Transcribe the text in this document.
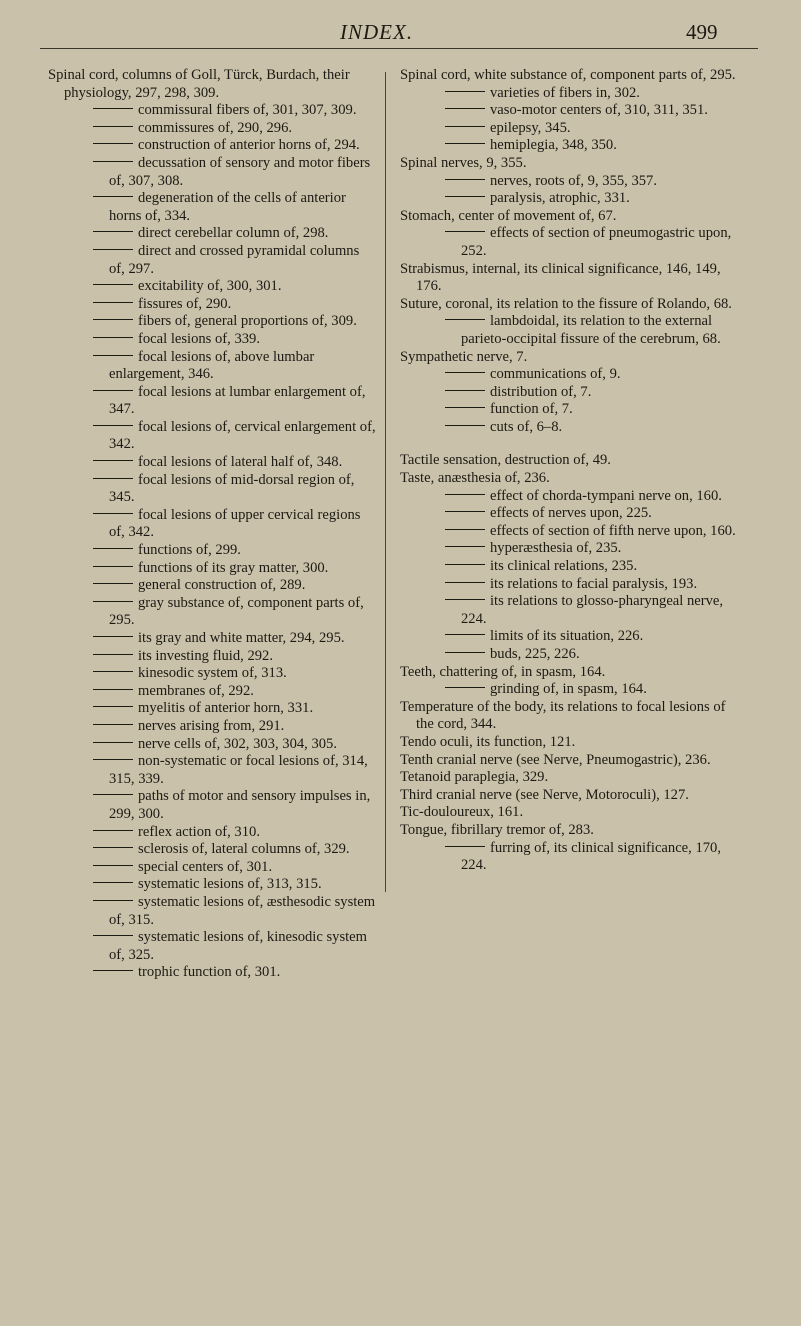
INDEX.	499

Spinal cord, columns of Goll, Türck, Burdach, their physiology, 297, 298, 309.

commissural fibers of, 301, 307, 309.

commissures of, 290, 296.

construction of anterior horns of, 294.

decussation of sensory and motor fibers of, 307, 308.

degeneration of the cells of anterior horns of, 334.

direct cerebellar column of, 298.

direct and crossed pyramidal columns of, 297.

excitability of, 300, 301.

fissures of, 290.

fibers of, general proportions of, 309.

focal lesions of, 339.

focal lesions of, above lumbar enlargement, 346.

focal lesions at lumbar enlargement of, 347.

focal lesions of, cervical enlargement of, 342.

focal lesions of lateral half of, 348.

focal lesions of mid-dorsal region of, 345.

focal lesions of upper cervical regions of, 342.

functions of, 299.

functions of its gray matter, 300.

general construction of, 289.

gray substance of, component parts of, 295.

its gray and white matter, 294, 295.

its investing fluid, 292.

kinesodic system of, 313.

membranes of, 292.

myelitis of anterior horn, 331.

nerves arising from, 291.

nerve cells of, 302, 303, 304, 305.

non-systematic or focal lesions of, 314, 315, 339.

paths of motor and sensory impulses in, 299, 300.

reflex action of, 310.

sclerosis of, lateral columns of, 329.

special centers of, 301.

systematic lesions of, 313, 315.

systematic lesions of, æsthesodic system of, 315.

systematic lesions of, kinesodic system of, 325.

trophic function of, 301.

Spinal cord, white substance of, component parts of, 295.

varieties of fibers in, 302.

vaso-motor centers of, 310, 311, 351.

epilepsy, 345.

hemiplegia, 348, 350.

Spinal nerves, 9, 355.

nerves, roots of, 9, 355, 357.

paralysis, atrophic, 331.

Stomach, center of movement of, 67.

effects of section of pneumogastric upon, 252.

Strabismus, internal, its clinical significance, 146, 149, 176.

Suture, coronal, its relation to the fissure of Rolando, 68.

lambdoidal, its relation to the external parieto-occipital fissure of the cerebrum, 68.

Sympathetic nerve, 7.

communications of, 9.

distribution of, 7.

function of, 7.

cuts of, 6–8.

Tactile sensation, destruction of, 49.

Taste, anæsthesia of, 236.

effect of chorda-tympani nerve on, 160.

effects of nerves upon, 225.

effects of section of fifth nerve upon, 160.

hyperæsthesia of, 235.

its clinical relations, 235.

its relations to facial paralysis, 193.

its relations to glosso-pharyngeal nerve, 224.

limits of its situation, 226.

buds, 225, 226.

Teeth, chattering of, in spasm, 164.

grinding of, in spasm, 164.

Temperature of the body, its relations to focal lesions of the cord, 344.

Tendo oculi, its function, 121.

Tenth cranial nerve (see Nerve, Pneumogastric), 236.

Tetanoid paraplegia, 329.

Third cranial nerve (see Nerve, Motoroculi), 127.

Tic-douloureux, 161.

Tongue, fibrillary tremor of, 283.

furring of, its clinical significance, 170, 224.
